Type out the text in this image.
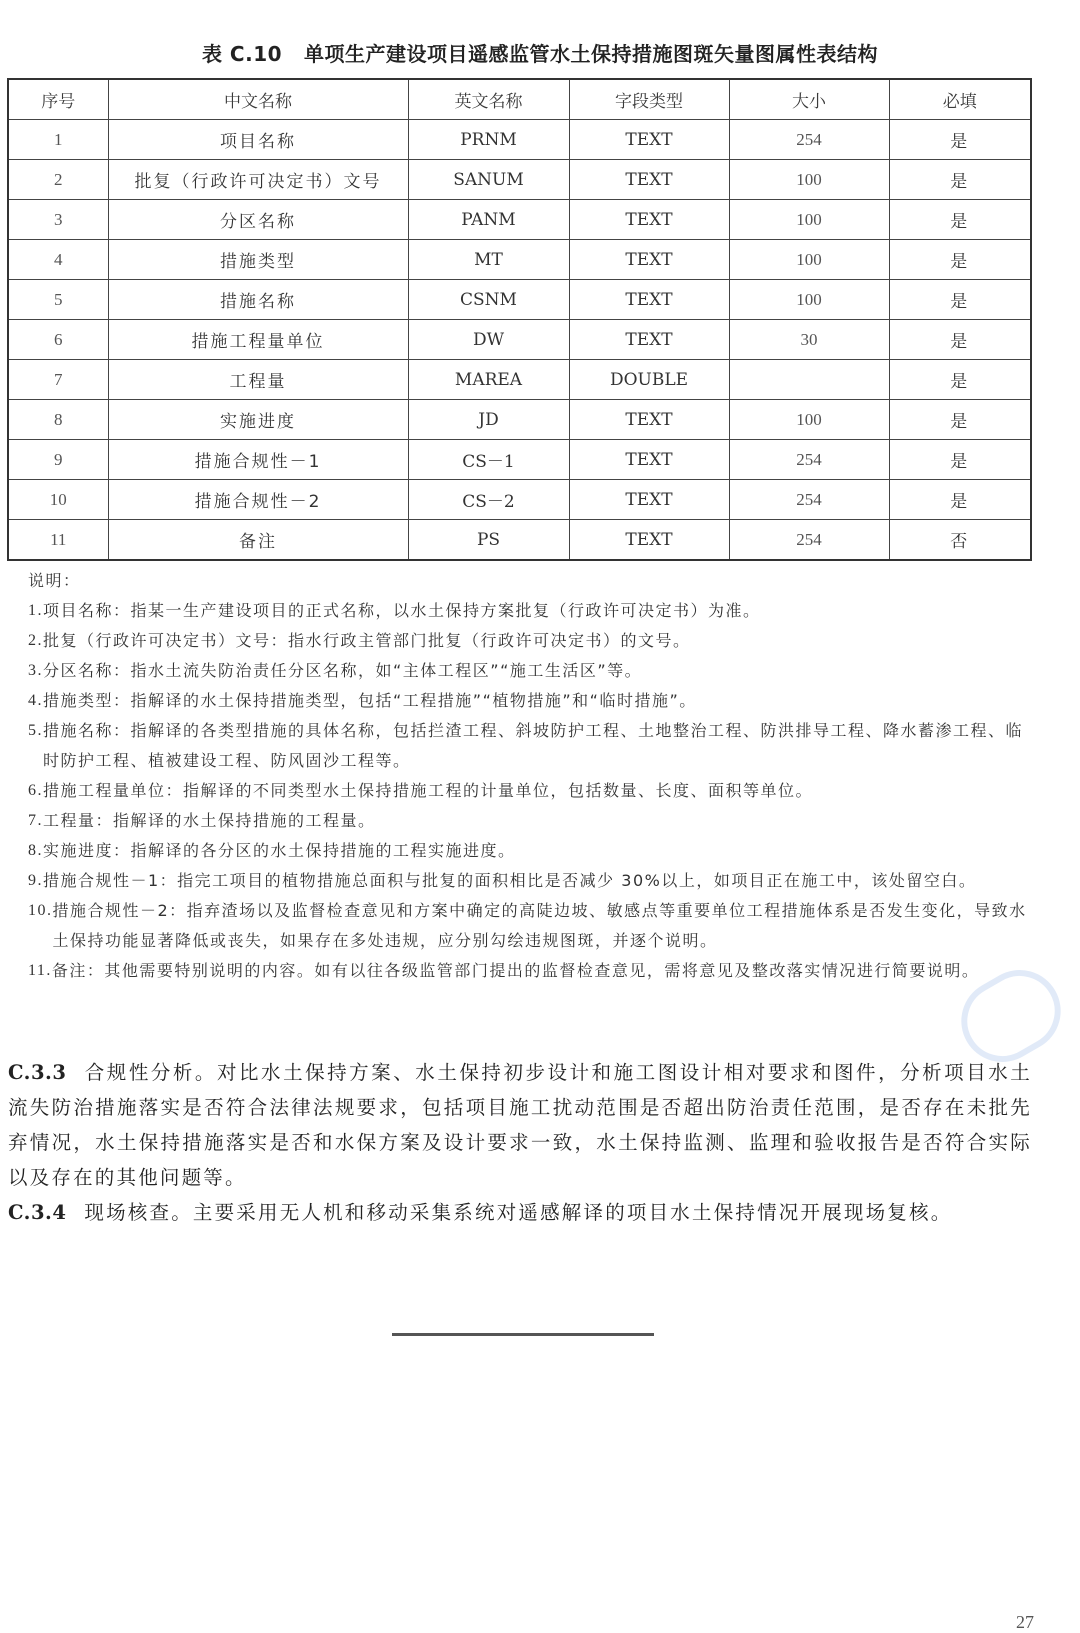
表 C.10 单项生产建设项目遥感监管水土保持措施图斑矢量图属性表结构
序号	中文名称	英文名称	字段类型	大小	必填
1	项目名称	PRNM	TEXT	254	是
2	批复（行政许可决定书）文号	SANUM	TEXT	100	是
3	分区名称	PANM	TEXT	100	是
4	措施类型	MT	TEXT	100	是
5	措施名称	CSNM	TEXT	100	是
6	措施工程量单位	DW	TEXT	30	是
7	工程量	MAREA	DOUBLE		是
8	实施进度	JD	TEXT	100	是
9	措施合规性－1	CS－1	TEXT	254	是
10	措施合规性－2	CS－2	TEXT	254	是
11	备注	PS	TEXT	254	否
说明：
1. 项目名称：指某一生产建设项目的正式名称，以水土保持方案批复（行政许可决定书）为准。
2. 批复（行政许可决定书）文号：指水行政主管部门批复（行政许可决定书）的文号。
3. 分区名称：指水土流失防治责任分区名称，如“主体工程区”“施工生活区”等。
4. 措施类型：指解译的水土保持措施类型，包括“工程措施”“植物措施”和“临时措施”。
5. 措施名称：指解译的各类型措施的具体名称，包括拦渣工程、斜坡防护工程、土地整治工程、防洪排导工程、降水蓄渗工程、临时防护工程、植被建设工程、防风固沙工程等。
6. 措施工程量单位：指解译的不同类型水土保持措施工程的计量单位，包括数量、长度、面积等单位。
7. 工程量：指解译的水土保持措施的工程量。
8. 实施进度：指解译的各分区的水土保持措施的工程实施进度。
9. 措施合规性－1：指完工项目的植物措施总面积与批复的面积相比是否减少 30%以上，如项目正在施工中，该处留空白。
10. 措施合规性－2：指弃渣场以及监督检查意见和方案中确定的高陡边坡、敏感点等重要单位工程措施体系是否发生变化，导致水土保持功能显著降低或丧失，如果存在多处违规，应分别勾绘违规图斑，并逐个说明。
11. 备注：其他需要特别说明的内容。如有以往各级监管部门提出的监督检查意见，需将意见及整改落实情况进行简要说明。

C.3.3 合规性分析。对比水土保持方案、水土保持初步设计和施工图设计相对要求和图件，分析项目水土流失防治措施落实是否符合法律法规要求，包括项目施工扰动范围是否超出防治责任范围，是否存在未批先弃情况，水土保持措施落实是否和水保方案及设计要求一致，水土保持监测、监理和验收报告是否符合实际以及存在的其他问题等。

C.3.4 现场核查。主要采用无人机和移动采集系统对遥感解译的项目水土保持情况开展现场复核。

27
